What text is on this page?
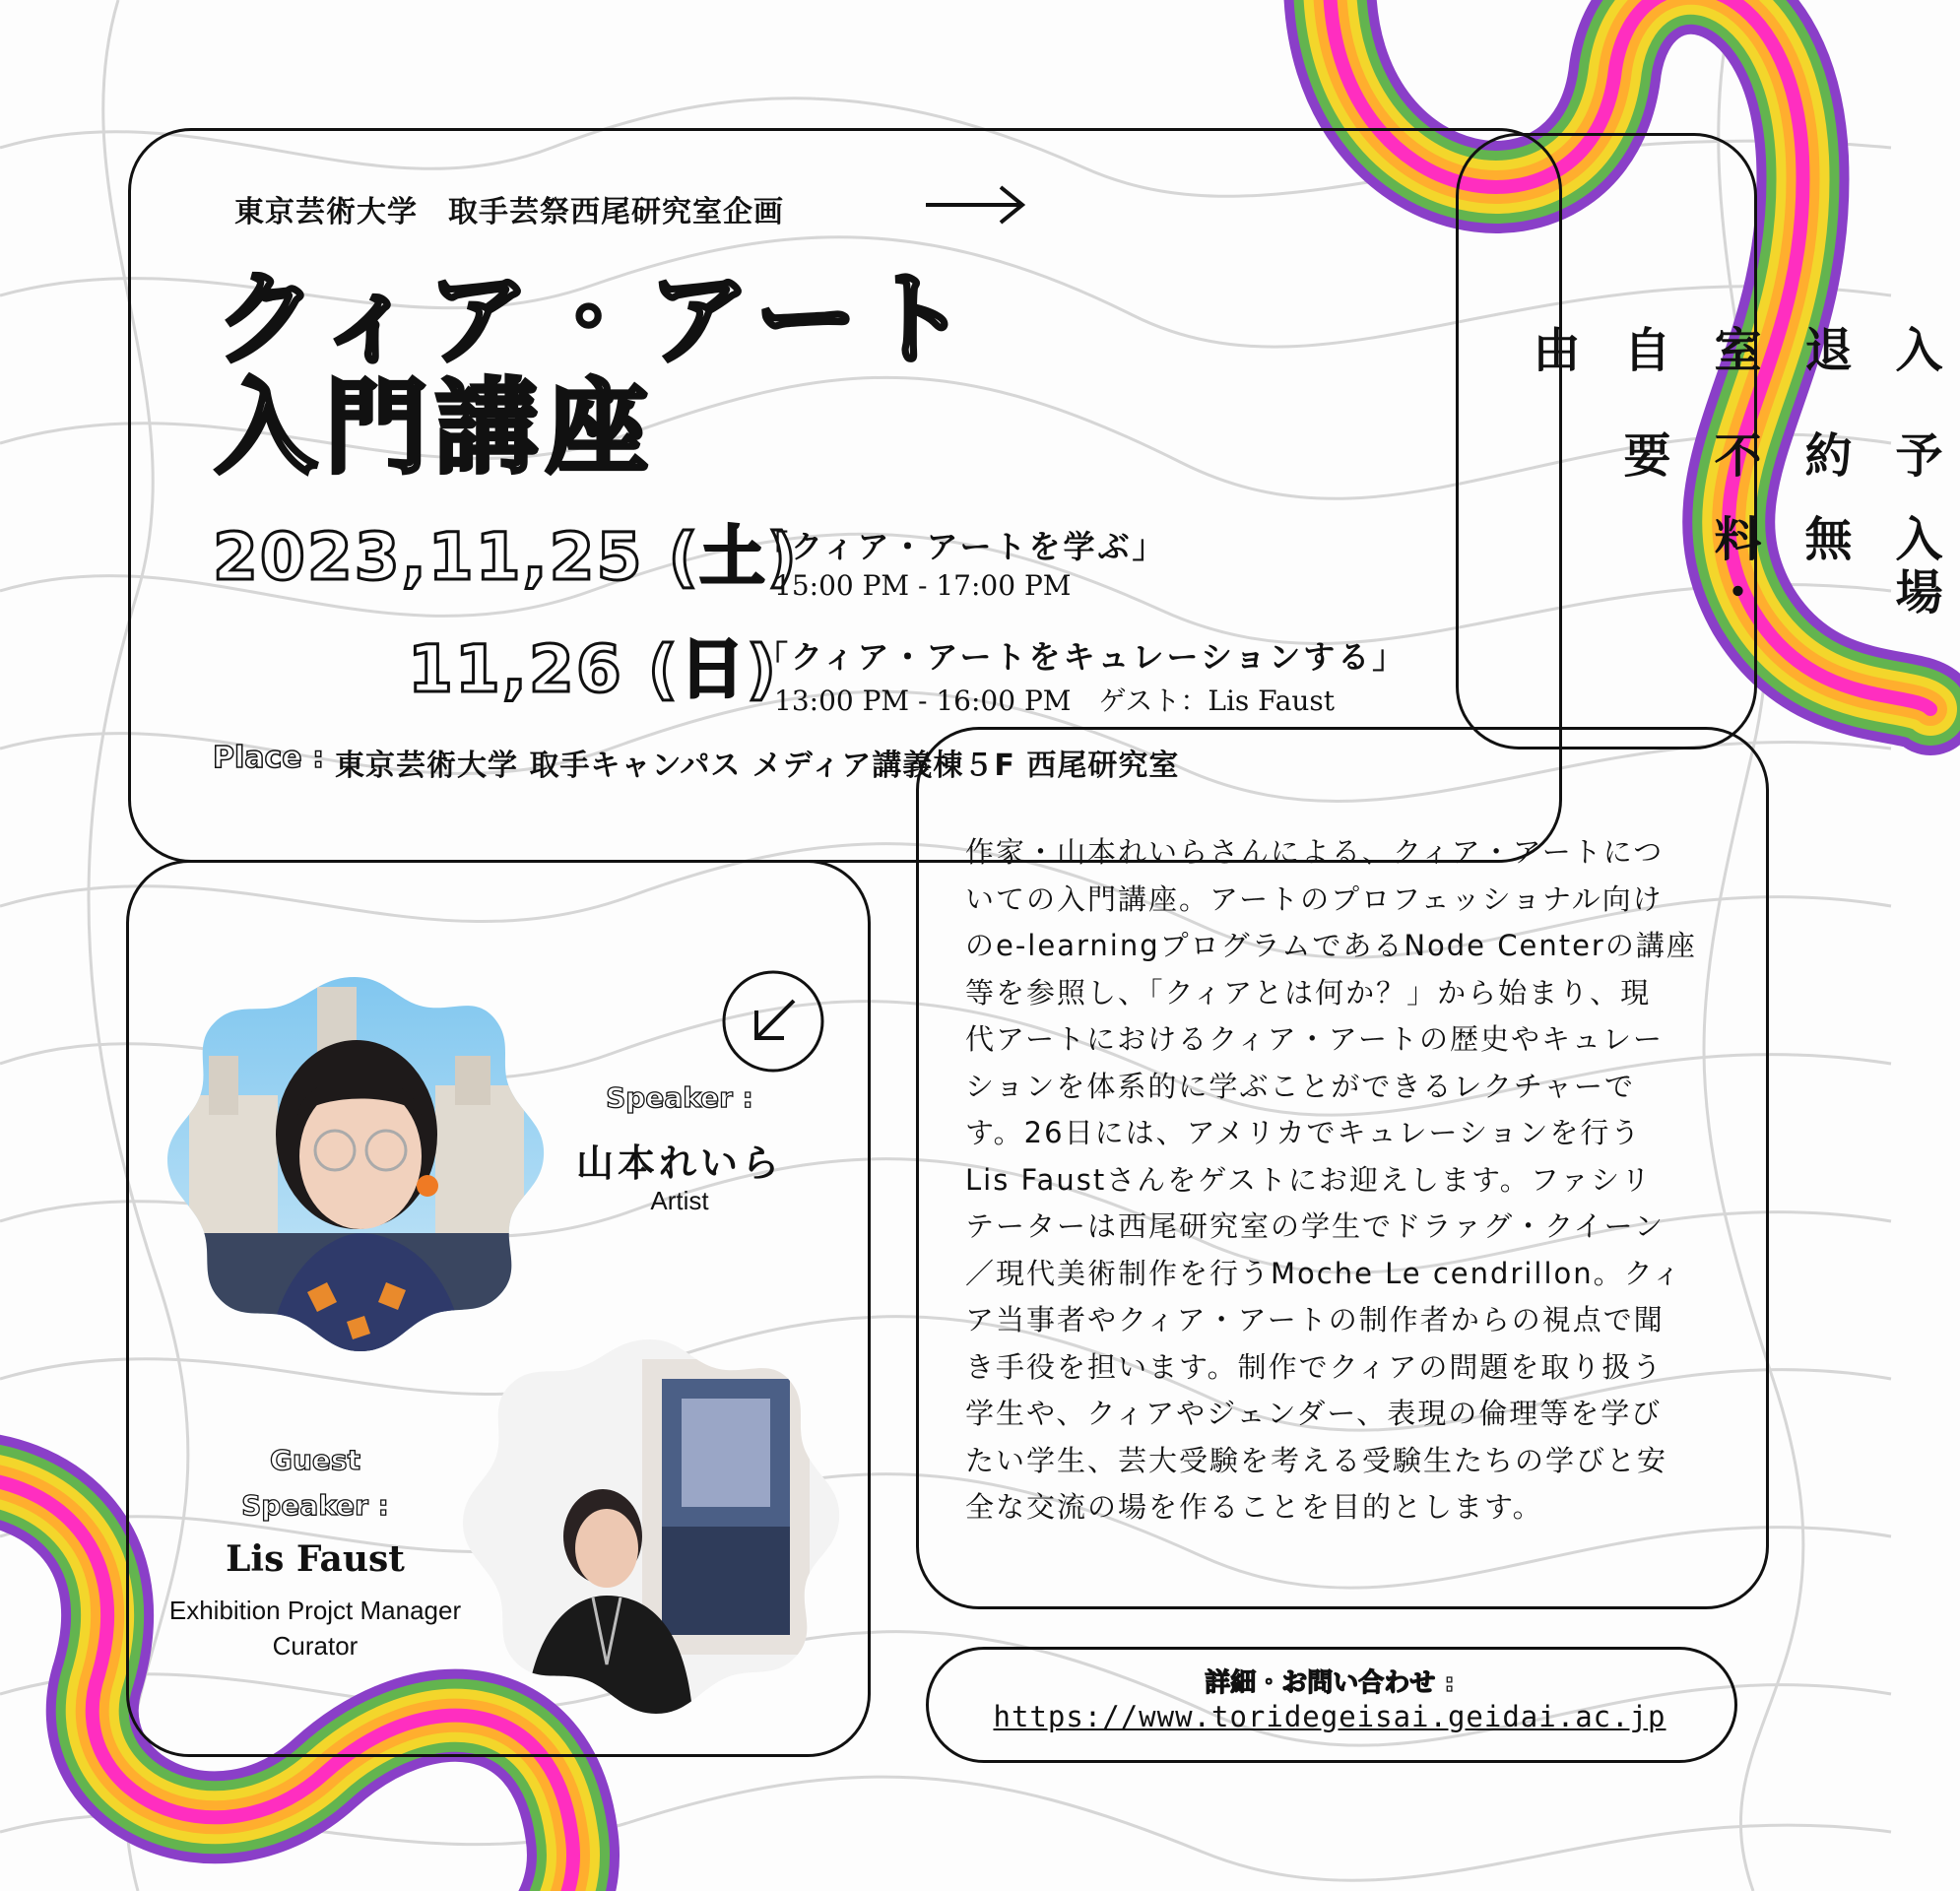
東京芸術大学　取手芸祭西尾研究室企画
クィア・アート
入門講座
2023,11,25 (土)
「クィア・アートを学ぶ」
15:00 PM - 17:00 PM
11,26 (日)
「クィア・アートをキュレーションする」
13:00 PM - 16:00 PM　ゲスト：Lis Faust
Place : 東京芸術大学 取手キャンパス メディア講義棟５F 西尾研究室
入場無料・
予約不要
入退室自由
作家・山本れいらさんによる、クィア・アートにつ
いての入門講座。アートのプロフェッショナル向け
のe-learningプログラムであるNode Centerの講座
等を参照し、「クィアとは何か？」から始まり、現
代アートにおけるクィア・アートの歴史やキュレー
ションを体系的に学ぶことができるレクチャーで
す。26日には、アメリカでキュレーションを行う
Lis Faustさんをゲストにお迎えします。ファシリ
テーターは西尾研究室の学生でドラァグ・クイーン
／現代美術制作を行うMoche Le cendrillon。クィ
ア当事者やクィア・アートの制作者からの視点で聞
き手役を担います。制作でクィアの問題を取り扱う
学生や、クィアやジェンダー、表現の倫理等を学び
たい学生、芸大受験を考える受験生たちの学びと安
全な交流の場を作ることを目的とします。
Speaker :
山本れいら
Artist
Guest
Speaker :
Lis Faust
Exhibition Projct Manager
Curator
詳細・お問い合わせ :
https://www.toridegeisai.geidai.ac.jp
